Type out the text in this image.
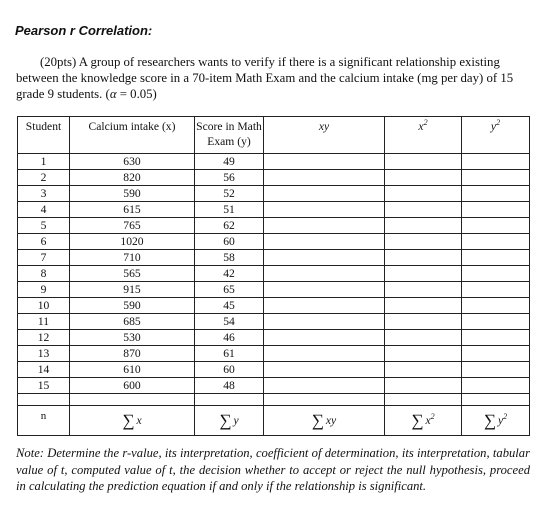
Pearson r Correlation:
(20pts) A group of researchers wants to verify if there is a significant relationship existing between the knowledge score in a 70-item Math Exam and the calcium intake (mg per day) of 15 grade 9 students. (α = 0.05)
Student	Calcium intake (x)	Score in Math Exam (y)	xy	$x^2$	$y^2$
1	630	49			
2	820	56			
3	590	52			
4	615	51			
5	765	62			
6	1020	60			
7	710	58			
8	565	42			
9	915	65			
10	590	45			
11	685	54			
12	530	46			
13	870	61			
14	610	60			
15	600	48			

n	∑ x	∑ y	∑ xy	∑ $x^2$	∑ $y^2$
Note: Determine the r-value, its interpretation, coefficient of determination, its interpretation, tabular value of t, computed value of t, the decision whether to accept or reject the null hypothesis, proceed in calculating the prediction equation if and only if the relationship is significant.
